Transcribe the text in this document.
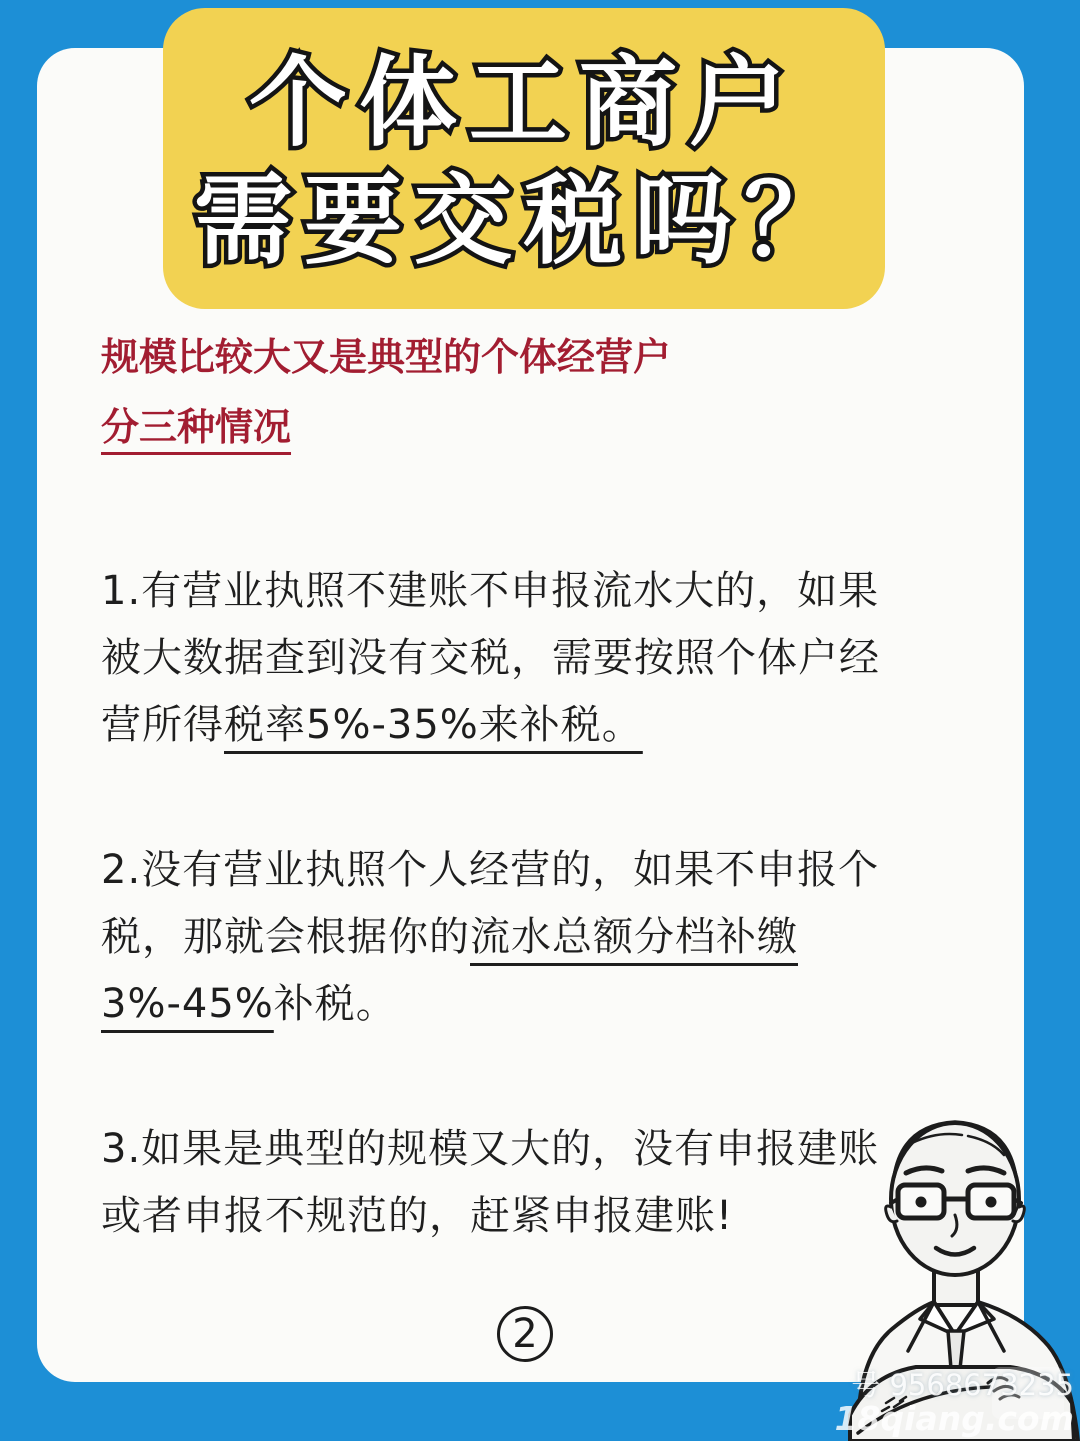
个体工商户
需要交税吗？
规模比较大又是典型的个体经营户
分三种情况

1.有营业执照不建账不申报流水大的，如果被大数据查到没有交税，需要按照个体户经营所得税率5%-35%来补税。

2.没有营业执照个人经营的，如果不申报个税，那就会根据你的流水总额分档补缴3%-45%补税。

3.如果是典型的规模又大的，没有申报建账或者申报不规范的，赶紧申报建账!

2
号 9568673235
18qiang.com
